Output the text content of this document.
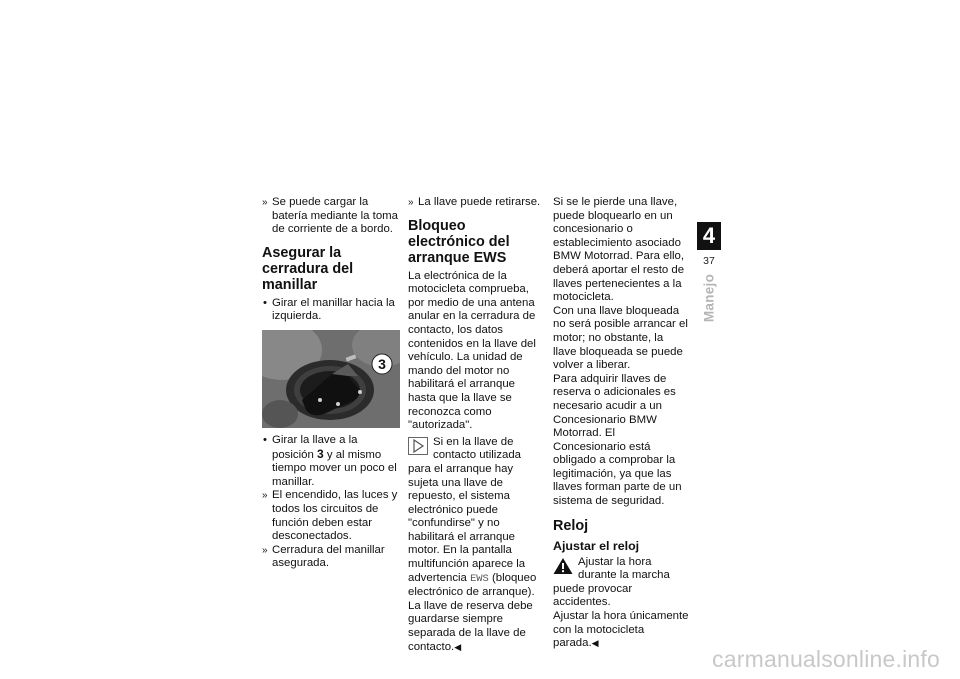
» Se puede cargar la batería mediante la toma de corriente de a bordo.

Asegurar la cerradura del manillar

• Girar el manillar hacia la izquierda.

3

• Girar la llave a la posición 3 y al mismo tiempo mover un poco el manillar.

» El encendido, las luces y todos los circuitos de función deben estar desconectados.

» Cerradura del manillar asegurada.

» La llave puede retirarse.

Bloqueo electrónico del arranque EWS

La electrónica de la motocicleta comprueba, por medio de una antena anular en la cerradura de contacto, los datos contenidos en la llave del vehículo. La unidad de mando del motor no habilitará el arranque hasta que la llave se reconozca como "autorizada".

Si en la llave de contacto utilizada para el arranque hay sujeta una llave de repuesto, el sistema electrónico puede "confundirse" y no habilitará el arranque motor. En la pantalla multifunción aparece la advertencia EWS (bloqueo electrónico de arranque).

La llave de reserva debe guardarse siempre separada de la llave de contacto.◀

Si se le pierde una llave, puede bloquearlo en un concesionario o establecimiento asociado BMW Motorrad. Para ello, deberá aportar el resto de llaves pertenecientes a la motocicleta.

Con una llave bloqueada no será posible arrancar el motor; no obstante, la llave bloqueada se puede volver a liberar.

Para adquirir llaves de reserva o adicionales es necesario acudir a un Concesionario BMW Motorrad. El Concesionario está obligado a comprobar la legitimación, ya que las llaves forman parte de un sistema de seguridad.

Reloj
Ajustar el reloj

Ajustar la hora durante la marcha puede provocar accidentes.

Ajustar la hora únicamente con la motocicleta parada.◀

4
37
Manejo
carmanualsonline.info
